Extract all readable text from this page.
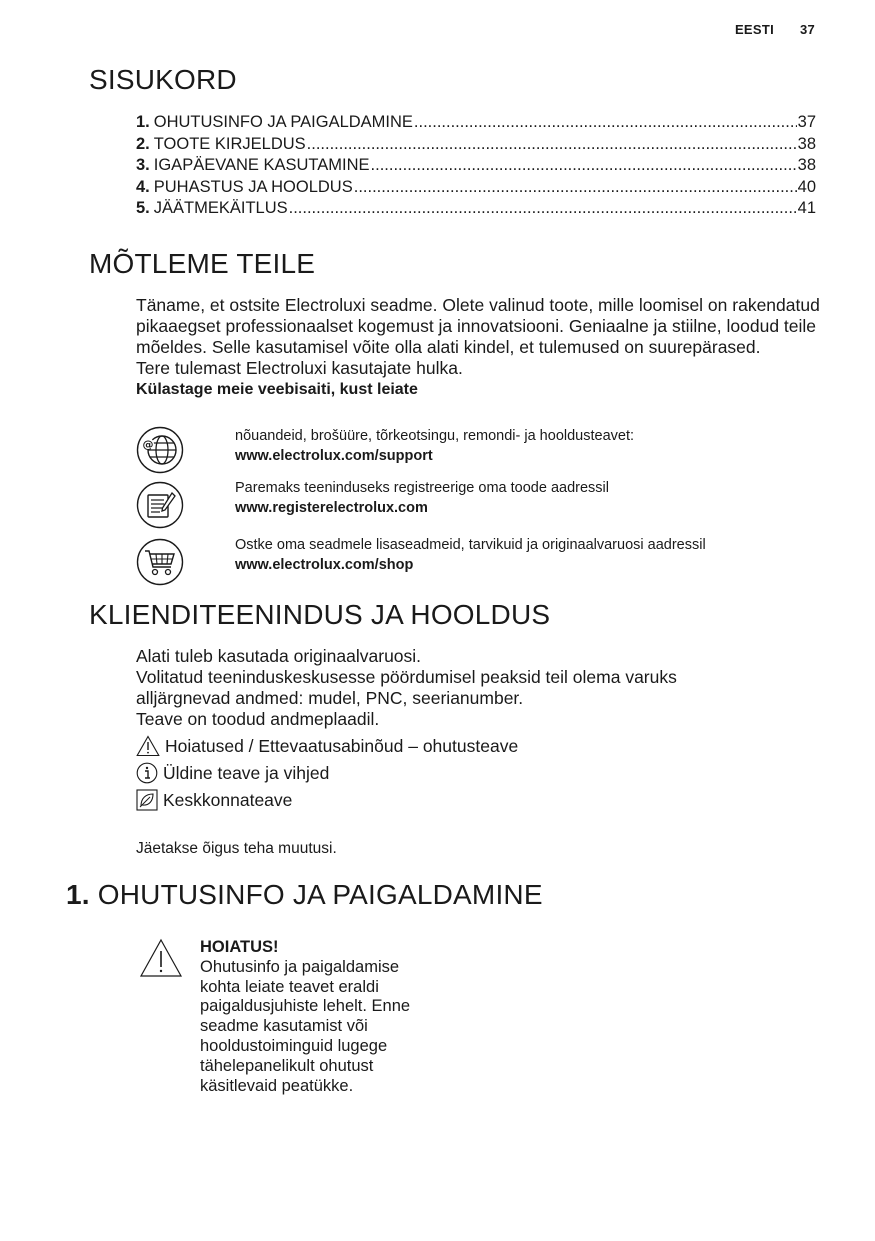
EESTI 37
SISUKORD
1. OHUTUSINFO JA PAIGALDAMINE .....	37
2. TOOTE KIRJELDUS .....	38
3. IGAPÄEVANE KASUTAMINE .....	38
4. PUHASTUS JA HOOLDUS .....	40
5. JÄÄTMEKÄITLUS .....	41
MÕTLEME TEILE

Täname, et ostsite Electroluxi seadme. Olete valinud toote, mille loomisel on rakendatud pikaaegset professionaalset kogemust ja innovatsiooni. Geniaalne ja stiilne, loodud teile mõeldes. Selle kasutamisel võite olla alati kindel, et tulemused on suurepärased.

Tere tulemast Electroluxi kasutajate hulka.

Külastage meie veebisaiti, kust leiate

@
nõuandeid, brošüüre, tõrkeotsingu, remondi- ja hooldusteavet:
www.electrolux.com/support
Paremaks teeninduseks registreerige oma toode aadressil
www.registerelectrolux.com
Ostke oma seadmele lisaseadmeid, tarvikuid ja originaalvaruosi aadressil
www.electrolux.com/shop
KLIENDITEENINDUS JA HOOLDUS

Alati tuleb kasutada originaalvaruosi.

Volitatud teeninduskeskusesse pöördumisel peaksid teil olema varuks alljärgnevad andmed: mudel, PNC, seerianumber.

Teave on toodud andmeplaadil.

Hoiatused / Ettevaatusabinõud – ohutusteave
Üldine teave ja vihjed
Keskkonnateave
Jäetakse õigus teha muutusi.
1. OHUTUSINFO JA PAIGALDAMINE
HOIATUS!
Ohutusinfo ja paigaldamise kohta leiate teavet eraldi paigaldusjuhiste lehelt. Enne seadme kasutamist või hooldustoiminguid lugege tähelepanelikult ohutust käsitlevaid peatükke.
